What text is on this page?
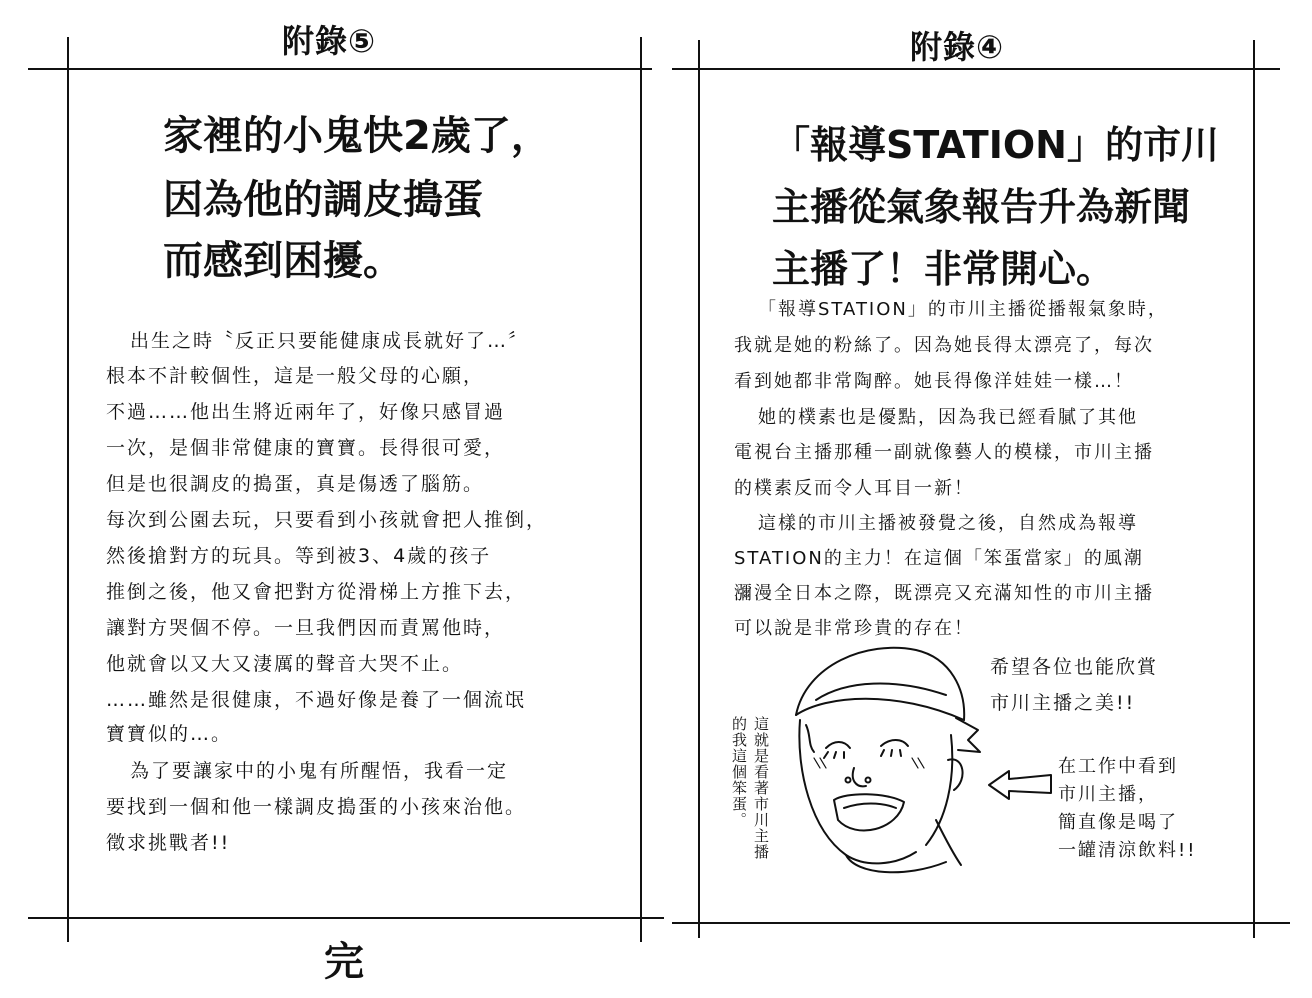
附錄⑤
家裡的小鬼快2歲了，
因為他的調皮搗蛋
而感到困擾。
出生之時〝反正只要能健康成長就好了…〞
根本不計較個性，這是一般父母的心願，
不過……他出生將近兩年了，好像只感冒過
一次，是個非常健康的寶寶。長得很可愛，
但是也很調皮的搗蛋，真是傷透了腦筋。
每次到公園去玩，只要看到小孩就會把人推倒，
然後搶對方的玩具。等到被3、4歲的孩子
推倒之後，他又會把對方從滑梯上方推下去，
讓對方哭個不停。一旦我們因而責罵他時，
他就會以又大又淒厲的聲音大哭不止。
……雖然是很健康，不過好像是養了一個流氓
寶寶似的…。
為了要讓家中的小鬼有所醒悟，我看一定
要找到一個和他一樣調皮搗蛋的小孩來治他。
徵求挑戰者!!
完
附錄④
「報導STATION」的市川
主播從氣象報告升為新聞
主播了！非常開心。
「報導STATION」的市川主播從播報氣象時，
我就是她的粉絲了。因為她長得太漂亮了，每次
看到她都非常陶醉。她長得像洋娃娃一樣…！
她的樸素也是優點，因為我已經看膩了其他
電視台主播那種一副就像藝人的模樣，市川主播
的樸素反而令人耳目一新！
這樣的市川主播被發覺之後，自然成為報導
STATION的主力！在這個「笨蛋當家」的風潮
瀰漫全日本之際，既漂亮又充滿知性的市川主播
可以說是非常珍貴的存在！
希望各位也能欣賞
市川主播之美!!
在工作中看到
市川主播，
簡直像是喝了
一罐清涼飲料!!
這就是看著市川主播
的我這個笨蛋。
